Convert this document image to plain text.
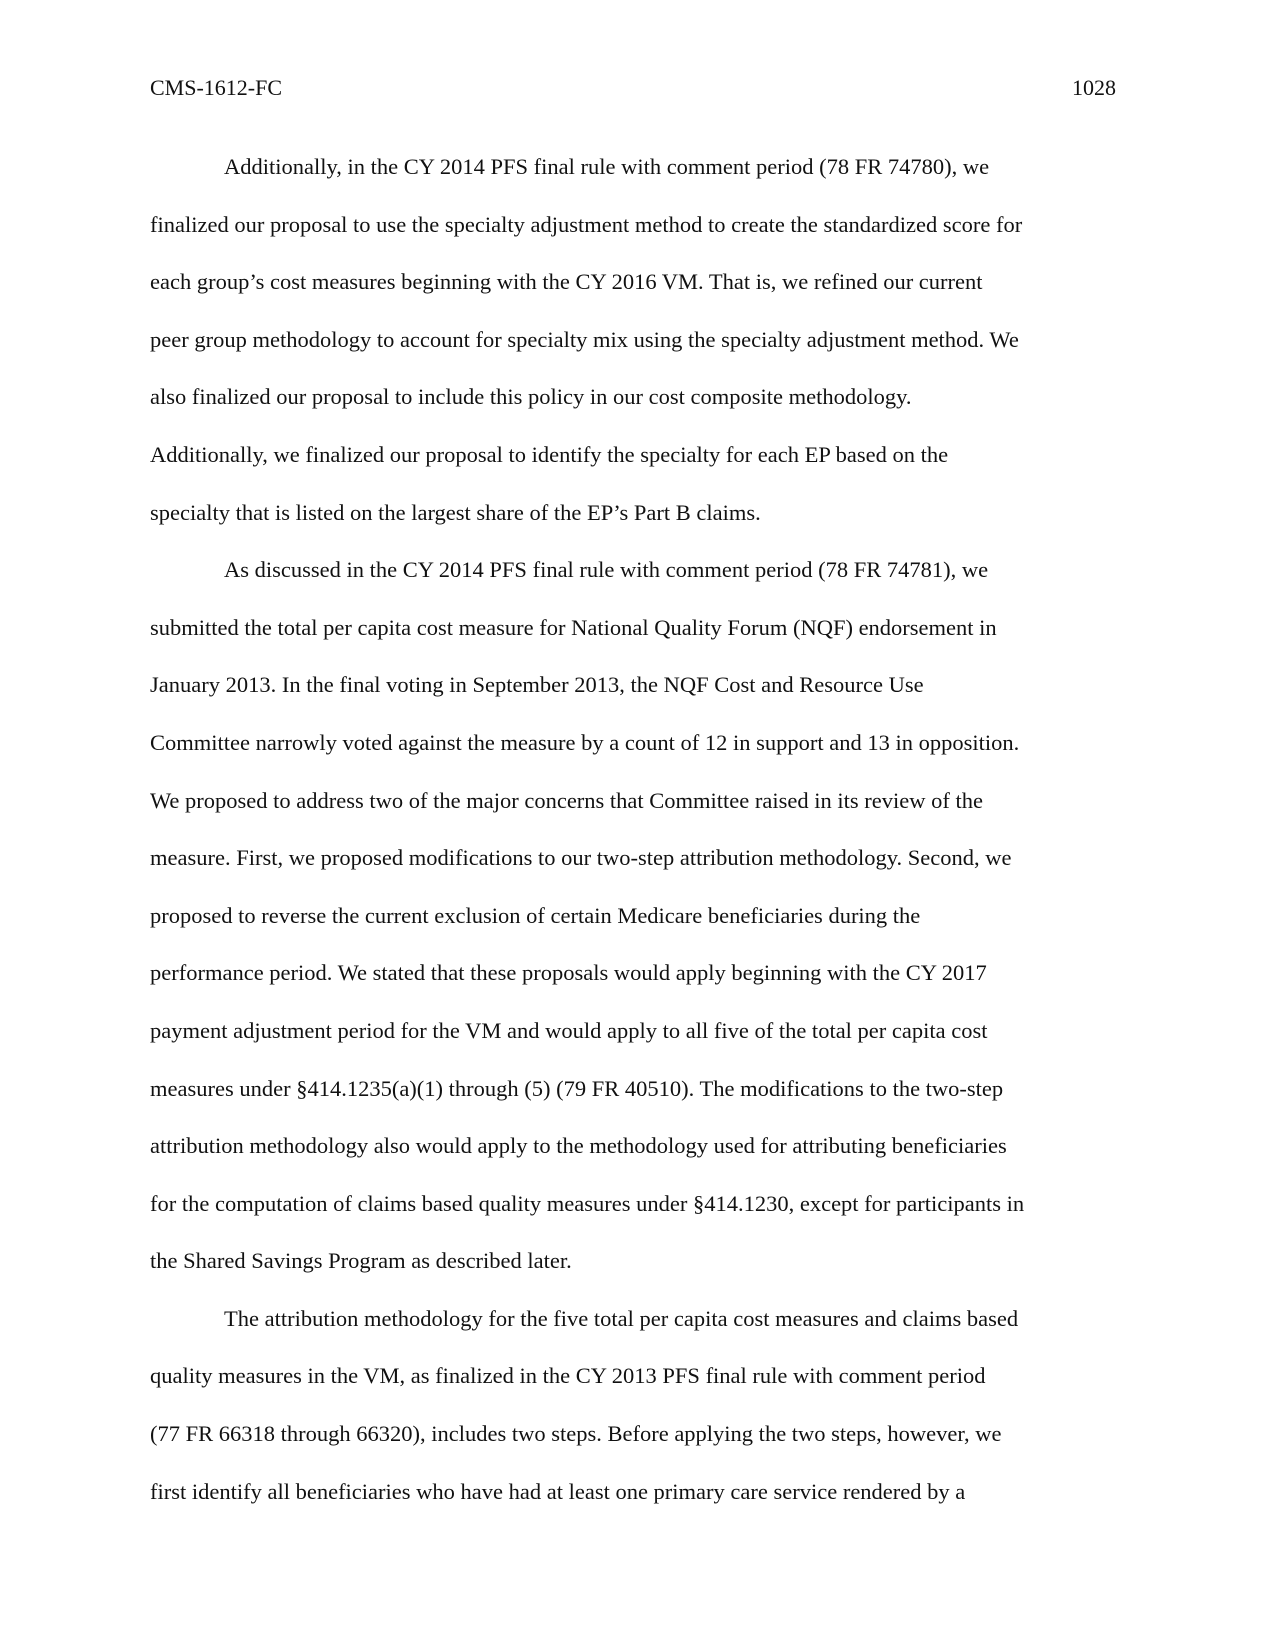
CMS-1612-FC	1028
Additionally, in the CY 2014 PFS final rule with comment period (78 FR 74780), we
finalized our proposal to use the specialty adjustment method to create the standardized score for
each group’s cost measures beginning with the CY 2016 VM. That is, we refined our current
peer group methodology to account for specialty mix using the specialty adjustment method. We
also finalized our proposal to include this policy in our cost composite methodology.
Additionally, we finalized our proposal to identify the specialty for each EP based on the
specialty that is listed on the largest share of the EP’s Part B claims.
As discussed in the CY 2014 PFS final rule with comment period (78 FR 74781), we
submitted the total per capita cost measure for National Quality Forum (NQF) endorsement in
January 2013. In the final voting in September 2013, the NQF Cost and Resource Use
Committee narrowly voted against the measure by a count of 12 in support and 13 in opposition.
We proposed to address two of the major concerns that Committee raised in its review of the
measure. First, we proposed modifications to our two-step attribution methodology. Second, we
proposed to reverse the current exclusion of certain Medicare beneficiaries during the
performance period. We stated that these proposals would apply beginning with the CY 2017
payment adjustment period for the VM and would apply to all five of the total per capita cost
measures under §414.1235(a)(1) through (5) (79 FR 40510). The modifications to the two-step
attribution methodology also would apply to the methodology used for attributing beneficiaries
for the computation of claims based quality measures under §414.1230, except for participants in
the Shared Savings Program as described later.
The attribution methodology for the five total per capita cost measures and claims based
quality measures in the VM, as finalized in the CY 2013 PFS final rule with comment period
(77 FR 66318 through 66320), includes two steps. Before applying the two steps, however, we
first identify all beneficiaries who have had at least one primary care service rendered by a
